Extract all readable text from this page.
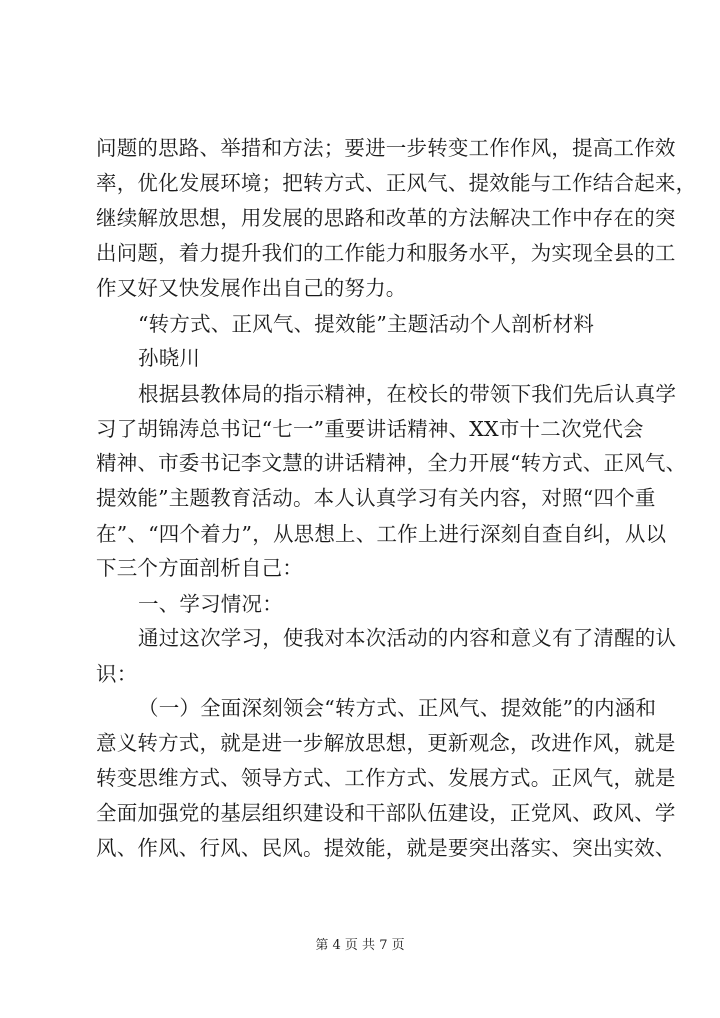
问题的思路、举措和方法；要进一步转变工作作风，提高工作效
率，优化发展环境；把转方式、正风气、提效能与工作结合起来，
继续解放思想，用发展的思路和改革的方法解决工作中存在的突
出问题，着力提升我们的工作能力和服务水平，为实现全县的工
作又好又快发展作出自己的努力。
“转方式、正风气、提效能”主题活动个人剖析材料
孙晓川
根据县教体局的指示精神，在校长的带领下我们先后认真学
习了胡锦涛总书记“七一”重要讲话精神、XX市十二次党代会
精神、市委书记李文慧的讲话精神，全力开展“转方式、正风气、
提效能”主题教育活动。本人认真学习有关内容，对照“四个重
在”、“四个着力”，从思想上、工作上进行深刻自查自纠，从以
下三个方面剖析自己：
一、学习情况：
通过这次学习，使我对本次活动的内容和意义有了清醒的认
识：
（一）全面深刻领会“转方式、正风气、提效能”的内涵和
意义转方式，就是进一步解放思想，更新观念，改进作风，就是
转变思维方式、领导方式、工作方式、发展方式。正风气，就是
全面加强党的基层组织建设和干部队伍建设，正党风、政风、学
风、作风、行风、民风。提效能，就是要突出落实、突出实效、
第 4 页 共 7 页
